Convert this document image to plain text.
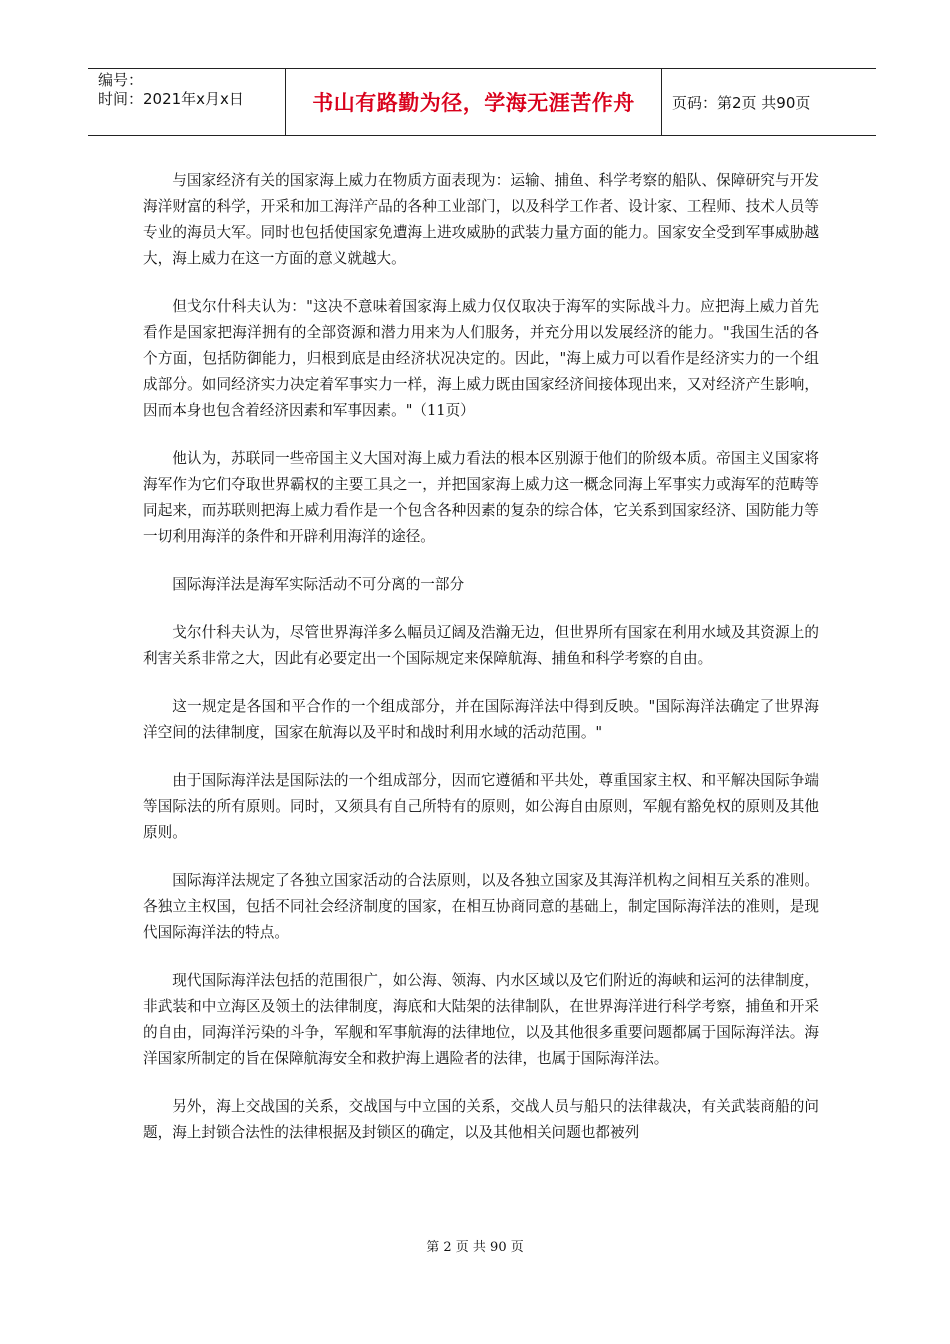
编号：
时间：2021年x月x日	书山有路勤为径，学海无涯苦作舟	页码：第2页 共90页

与国家经济有关的国家海上威力在物质方面表现为：运输、捕鱼、科学考察的船队、保障研究与开发海洋财富的科学，开采和加工海洋产品的各种工业部门，以及科学工作者、设计家、工程师、技术人员等专业的海员大军。同时也包括使国家免遭海上进攻威胁的武装力量方面的能力。国家安全受到军事威胁越大，海上威力在这一方面的意义就越大。

但戈尔什科夫认为："这决不意味着国家海上威力仅仅取决于海军的实际战斗力。应把海上威力首先看作是国家把海洋拥有的全部资源和潜力用来为人们服务，并充分用以发展经济的能力。"我国生活的各个方面，包括防御能力，归根到底是由经济状况决定的。因此，"海上威力可以看作是经济实力的一个组成部分。如同经济实力决定着军事实力一样，海上威力既由国家经济间接体现出来，又对经济产生影响，因而本身也包含着经济因素和军事因素。"（11页）

他认为，苏联同一些帝国主义大国对海上威力看法的根本区别源于他们的阶级本质。帝国主义国家将海军作为它们夺取世界霸权的主要工具之一，并把国家海上威力这一概念同海上军事实力或海军的范畴等同起来，而苏联则把海上威力看作是一个包含各种因素的复杂的综合体，它关系到国家经济、国防能力等一切利用海洋的条件和开辟利用海洋的途径。

国际海洋法是海军实际活动不可分离的一部分

戈尔什科夫认为，尽管世界海洋多么幅员辽阔及浩瀚无边，但世界所有国家在利用水域及其资源上的利害关系非常之大，因此有必要定出一个国际规定来保障航海、捕鱼和科学考察的自由。

这一规定是各国和平合作的一个组成部分，并在国际海洋法中得到反映。"国际海洋法确定了世界海洋空间的法律制度，国家在航海以及平时和战时利用水域的活动范围。"

由于国际海洋法是国际法的一个组成部分，因而它遵循和平共处，尊重国家主权、和平解决国际争端等国际法的所有原则。同时，又须具有自己所特有的原则，如公海自由原则，军舰有豁免权的原则及其他原则。

国际海洋法规定了各独立国家活动的合法原则，以及各独立国家及其海洋机构之间相互关系的准则。各独立主权国，包括不同社会经济制度的国家，在相互协商同意的基础上，制定国际海洋法的准则，是现代国际海洋法的特点。

现代国际海洋法包括的范围很广，如公海、领海、内水区域以及它们附近的海峡和运河的法律制度，非武装和中立海区及领土的法律制度，海底和大陆架的法律制队，在世界海洋进行科学考察，捕鱼和开采的自由，同海洋污染的斗争，军舰和军事航海的法律地位，以及其他很多重要问题都属于国际海洋法。海洋国家所制定的旨在保障航海安全和救护海上遇险者的法律，也属于国际海洋法。

另外，海上交战国的关系，交战国与中立国的关系，交战人员与船只的法律裁决，有关武装商船的问题，海上封锁合法性的法律根据及封锁区的确定，以及其他相关问题也都被列

第 2 页 共 90 页
